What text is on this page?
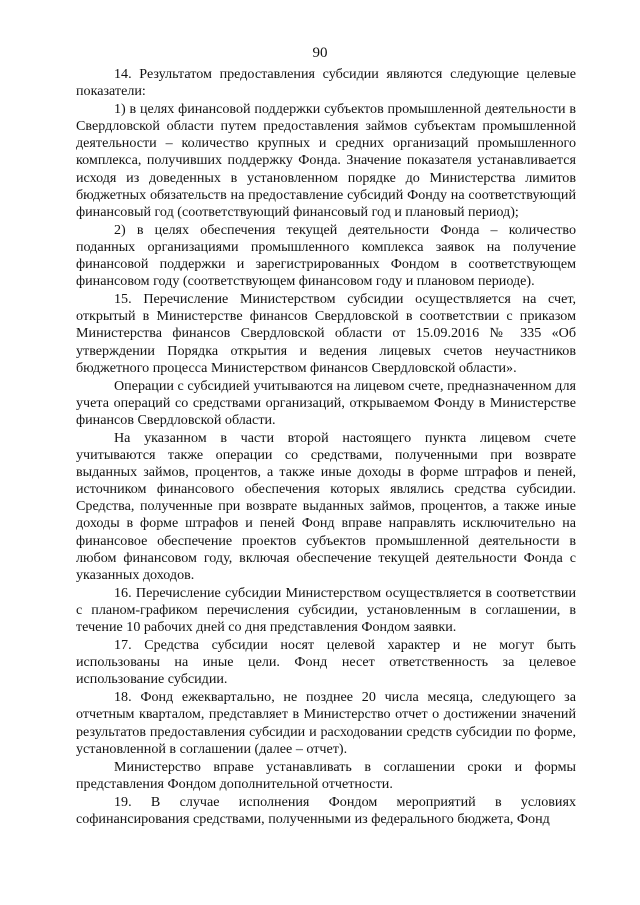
90

14. Результатом предоставления субсидии являются следующие целевые показатели:

1) в целях финансовой поддержки субъектов промышленной деятельности в Свердловской области путем предоставления займов субъектам промышленной деятельности – количество крупных и средних организаций промышленного комплекса, получивших поддержку Фонда. Значение показателя устанавливается исходя из доведенных в установленном порядке до Министерства лимитов бюджетных обязательств на предоставление субсидий Фонду на соответствующий финансовый год (соответствующий финансовый год и плановый период);

2) в целях обеспечения текущей деятельности Фонда – количество поданных организациями промышленного комплекса заявок на получение финансовой поддержки и зарегистрированных Фондом в соответствующем финансовом году (соответствующем финансовом году и плановом периоде).

15. Перечисление Министерством субсидии осуществляется на счет, открытый в Министерстве финансов Свердловской в соответствии с приказом Министерства финансов Свердловской области от 15.09.2016 № 335 «Об утверждении Порядка открытия и ведения лицевых счетов неучастников бюджетного процесса Министерством финансов Свердловской области».

Операции с субсидией учитываются на лицевом счете, предназначенном для учета операций со средствами организаций, открываемом Фонду в Министерстве финансов Свердловской области.

На указанном в части второй настоящего пункта лицевом счете учитываются также операции со средствами, полученными при возврате выданных займов, процентов, а также иные доходы в форме штрафов и пеней, источником финансового обеспечения которых являлись средства субсидии. Средства, полученные при возврате выданных займов, процентов, а также иные доходы в форме штрафов и пеней Фонд вправе направлять исключительно на финансовое обеспечение проектов субъектов промышленной деятельности в любом финансовом году, включая обеспечение текущей деятельности Фонда с указанных доходов.

16. Перечисление субсидии Министерством осуществляется в соответствии с планом-графиком перечисления субсидии, установленным в соглашении, в течение 10 рабочих дней со дня представления Фондом заявки.

17. Средства субсидии носят целевой характер и не могут быть использованы на иные цели. Фонд несет ответственность за целевое использование субсидии.

18. Фонд ежеквартально, не позднее 20 числа месяца, следующего за отчетным кварталом, представляет в Министерство отчет о достижении значений результатов предоставления субсидии и расходовании средств субсидии по форме, установленной в соглашении (далее – отчет).

Министерство вправе устанавливать в соглашении сроки и формы представления Фондом дополнительной отчетности.

19. В случае исполнения Фондом мероприятий в условиях софинансирования средствами, полученными из федерального бюджета, Фонд
